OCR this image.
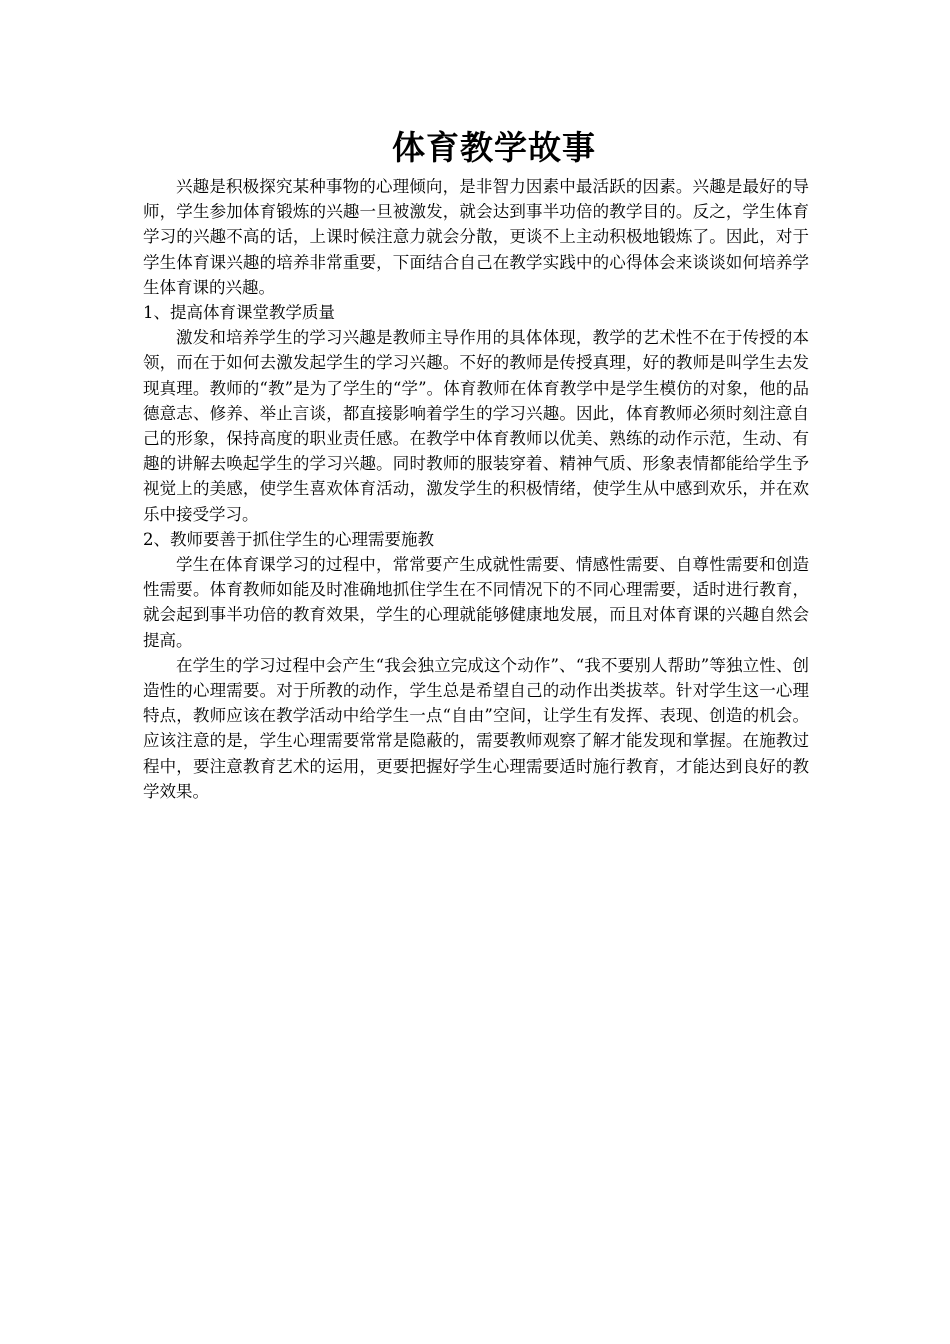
体育教学故事

兴趣是积极探究某种事物的心理倾向，是非智力因素中最活跃的因素。兴趣是最好的导师，学生参加体育锻炼的兴趣一旦被激发，就会达到事半功倍的教学目的。反之，学生体育学习的兴趣不高的话，上课时候注意力就会分散，更谈不上主动积极地锻炼了。因此，对于学生体育课兴趣的培养非常重要，下面结合自己在教学实践中的心得体会来谈谈如何培养学生体育课的兴趣。

1、提高体育课堂教学质量

激发和培养学生的学习兴趣是教师主导作用的具体体现，教学的艺术性不在于传授的本领，而在于如何去激发起学生的学习兴趣。不好的教师是传授真理，好的教师是叫学生去发现真理。教师的“教”是为了学生的“学”。体育教师在体育教学中是学生模仿的对象，他的品德意志、修养、举止言谈，都直接影响着学生的学习兴趣。因此，体育教师必须时刻注意自己的形象，保持高度的职业责任感。在教学中体育教师以优美、熟练的动作示范，生动、有趣的讲解去唤起学生的学习兴趣。同时教师的服装穿着、精神气质、形象表情都能给学生予视觉上的美感，使学生喜欢体育活动，激发学生的积极情绪，使学生从中感到欢乐，并在欢乐中接受学习。

2、教师要善于抓住学生的心理需要施教

学生在体育课学习的过程中，常常要产生成就性需要、情感性需要、自尊性需要和创造性需要。体育教师如能及时准确地抓住学生在不同情况下的不同心理需要，适时进行教育，就会起到事半功倍的教育效果，学生的心理就能够健康地发展，而且对体育课的兴趣自然会提高。

在学生的学习过程中会产生“我会独立完成这个动作”、“我不要别人帮助”等独立性、创造性的心理需要。对于所教的动作，学生总是希望自己的动作出类拔萃。针对学生这一心理特点，教师应该在教学活动中给学生一点“自由”空间，让学生有发挥、表现、创造的机会。应该注意的是，学生心理需要常常是隐蔽的，需要教师观察了解才能发现和掌握。在施教过程中，要注意教育艺术的运用，更要把握好学生心理需要适时施行教育，才能达到良好的教学效果。
